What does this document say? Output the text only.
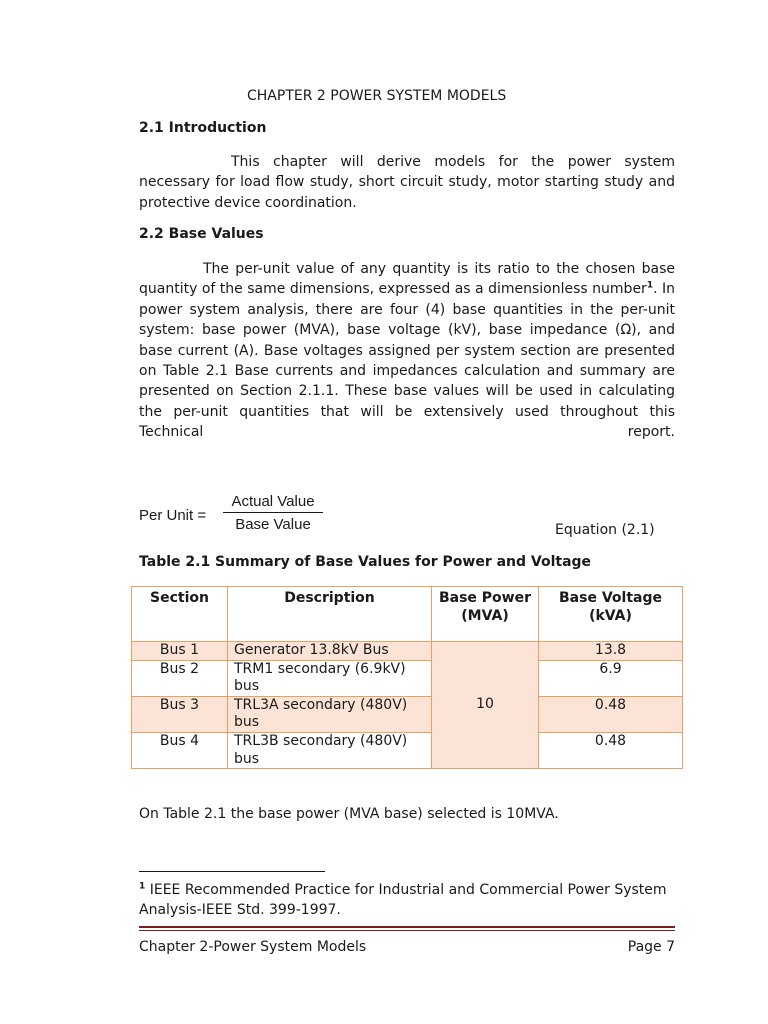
CHAPTER 2 POWER SYSTEM MODELS
2.1 Introduction

This chapter will derive models for the power system necessary for load flow study, short circuit study, motor starting study and protective device coordination.

2.2 Base Values

The per-unit value of any quantity is its ratio to the chosen base quantity of the same dimensions, expressed as a dimensionless number$^1$. In power system analysis, there are four (4) base quantities in the per-unit system: base power (MVA), base voltage (kV), base impedance (Ω), and base current (A). Base voltages assigned per system section are presented on Table 2.1 Base currents and impedances calculation and summary are presented on Section 2.1.1. These base values will be used in calculating the per-unit quantities that will be extensively used throughout this Technical report.

Per Unit =
Actual Value
Base Value	Equation (2.1)
Table 2.1 Summary of Base Values for Power and Voltage
Section	Description	Base Power (MVA)	Base Voltage (kVA)
Bus 1	Generator 13.8kV Bus	10	13.8
Bus 2	TRM1 secondary (6.9kV) bus		6.9
Bus 3	TRL3A secondary (480V) bus		0.48
Bus 4	TRL3B secondary (480V) bus		0.48
On Table 2.1 the base power (MVA base) selected is 10MVA.
$^1$ IEEE Recommended Practice for Industrial and Commercial Power System Analysis-IEEE Std. 399-1997.
Chapter 2-Power System Models	Page 7
